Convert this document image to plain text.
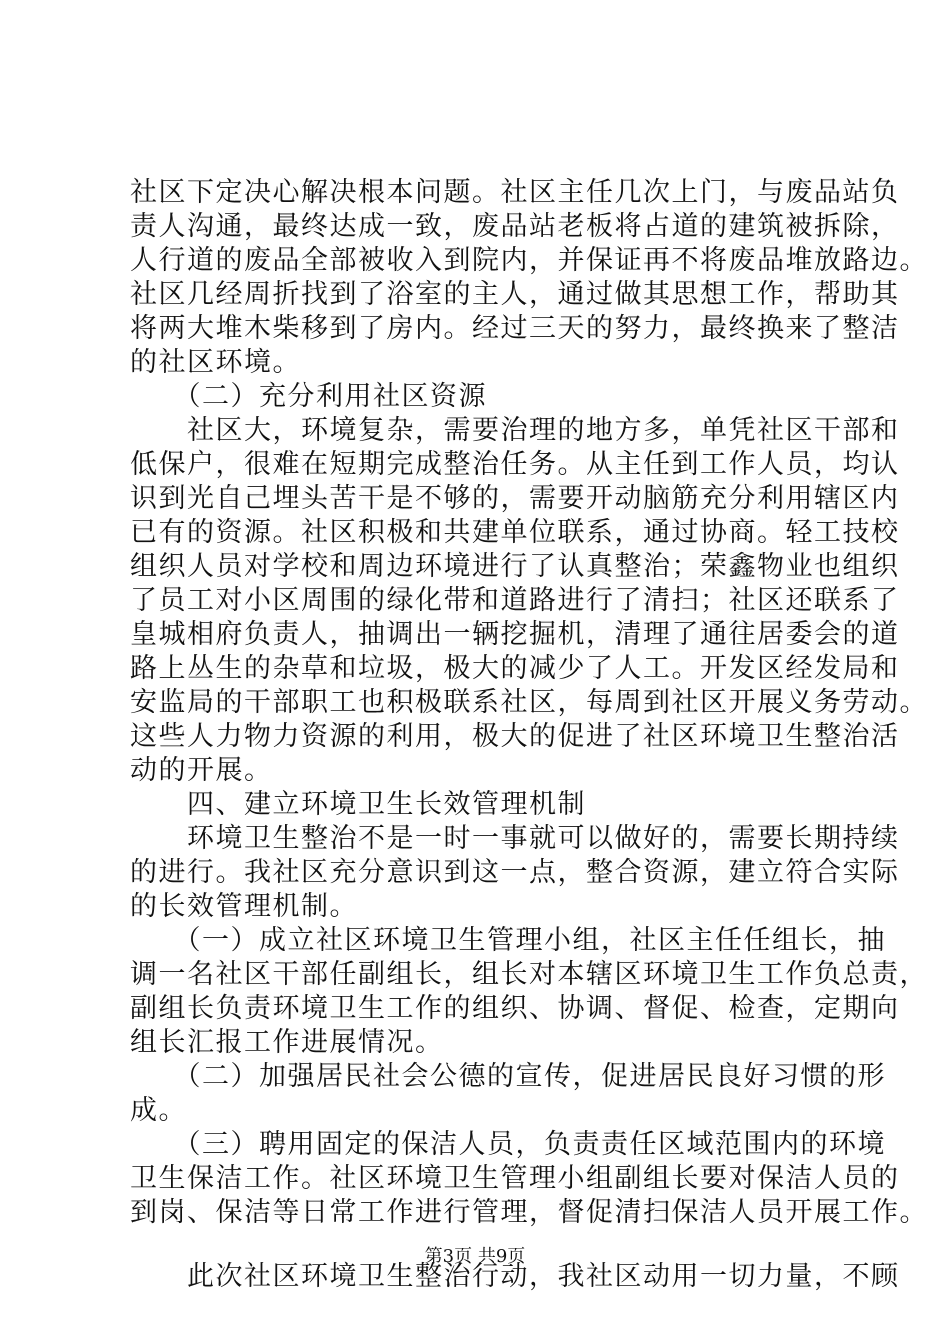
社区下定决心解决根本问题。社区主任几次上门，与废品站负
责人沟通，最终达成一致，废品站老板将占道的建筑被拆除，
人行道的废品全部被收入到院内，并保证再不将废品堆放路边。
社区几经周折找到了浴室的主人，通过做其思想工作，帮助其
将两大堆木柴移到了房内。经过三天的努力，最终换来了整洁
的社区环境。
　　（二）充分利用社区资源
　　社区大，环境复杂，需要治理的地方多，单凭社区干部和
低保户，很难在短期完成整治任务。从主任到工作人员，均认
识到光自己埋头苦干是不够的，需要开动脑筋充分利用辖区内
已有的资源。社区积极和共建单位联系，通过协商。轻工技校
组织人员对学校和周边环境进行了认真整治；荣鑫物业也组织
了员工对小区周围的绿化带和道路进行了清扫；社区还联系了
皇城相府负责人，抽调出一辆挖掘机，清理了通往居委会的道
路上丛生的杂草和垃圾，极大的减少了人工。开发区经发局和
安监局的干部职工也积极联系社区，每周到社区开展义务劳动。
这些人力物力资源的利用，极大的促进了社区环境卫生整治活
动的开展。
　　四、建立环境卫生长效管理机制
　　环境卫生整治不是一时一事就可以做好的，需要长期持续
的进行。我社区充分意识到这一点，整合资源，建立符合实际
的长效管理机制。
　　（一）成立社区环境卫生管理小组，社区主任任组长，抽
调一名社区干部任副组长，组长对本辖区环境卫生工作负总责，
副组长负责环境卫生工作的组织、协调、督促、检查，定期向
组长汇报工作进展情况。
　　（二）加强居民社会公德的宣传，促进居民良好习惯的形
成。
　　（三）聘用固定的保洁人员，负责责任区域范围内的环境
卫生保洁工作。社区环境卫生管理小组副组长要对保洁人员的
到岗、保洁等日常工作进行管理，督促清扫保洁人员开展工作。
　　此次社区环境卫生整治行动，我社区动用一切力量，不顾
第3页 共9页
